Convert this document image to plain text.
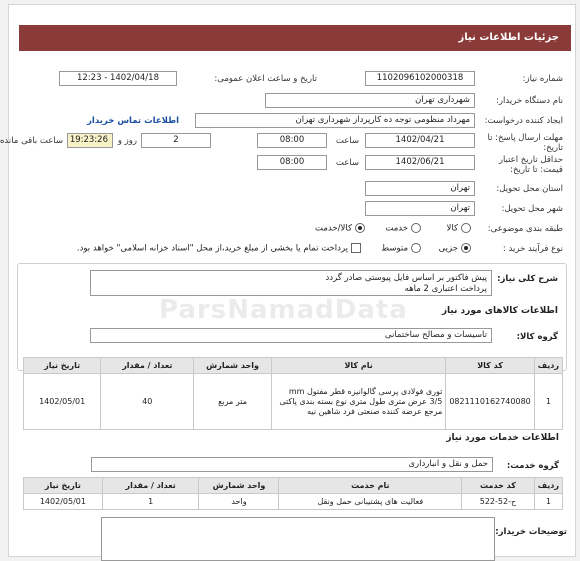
جزئیات اطلاعات نیاز
شماره نیاز:
1102096102000318
تاریخ و ساعت اعلان عمومی:
1402/04/18 - 12:23
نام دستگاه خریدار:
شهرداری تهران
ایجاد کننده درخواست:
مهرداد منظومی توجه ده کارپرداز شهرداری تهران
اطلاعات تماس خریدار
مهلت ارسال پاسخ: تا تاریخ:
1402/04/21
ساعت
08:00
2
روز و
19:23:26
ساعت باقی مانده
حداقل تاریخ اعتبار قیمت: تا تاریخ:
1402/06/21
ساعت
08:00
استان محل تحویل:
تهران
شهر محل تحویل:
تهران
طبقه بندی موضوعی:
کالا
خدمت
کالا/خدمت
نوع فرآیند خرید :
جزیی
متوسط
پرداخت تمام یا بخشی از مبلغ خرید،از محل "اسناد خزانه اسلامی" خواهد بود.
شرح کلی نیاز:
پیش فاکتور بر اساس فایل پیوستی صادر گردد
پرداخت اعتباری 2 ماهه
اطلاعات کالاهای مورد نیاز
گروه کالا:
تاسیسات و مصالح ساختمانی
ردیف	کد کالا	نام کالا	واحد شمارش	تعداد / مقدار	تاریخ نیاز
1	0821110162740080	توری فولادی پرسی گالوانیزه قطر مفتول mm 3/5 عرض متری طول متری نوع بسته بندی پاکتی مرجع عرضه کننده صنعتی فرد شاهین نیه	متر مربع	40	1402/05/01
اطلاعات خدمات مورد نیاز
گروه خدمت:
حمل و نقل و انبارداری
ردیف	کد خدمت	نام خدمت	واحد شمارش	تعداد / مقدار	تاریخ نیاز
1	ح-52-522	فعالیت های پشتیبانی حمل ونقل	واحد	1	1402/05/01
توضیحات خریدار:
